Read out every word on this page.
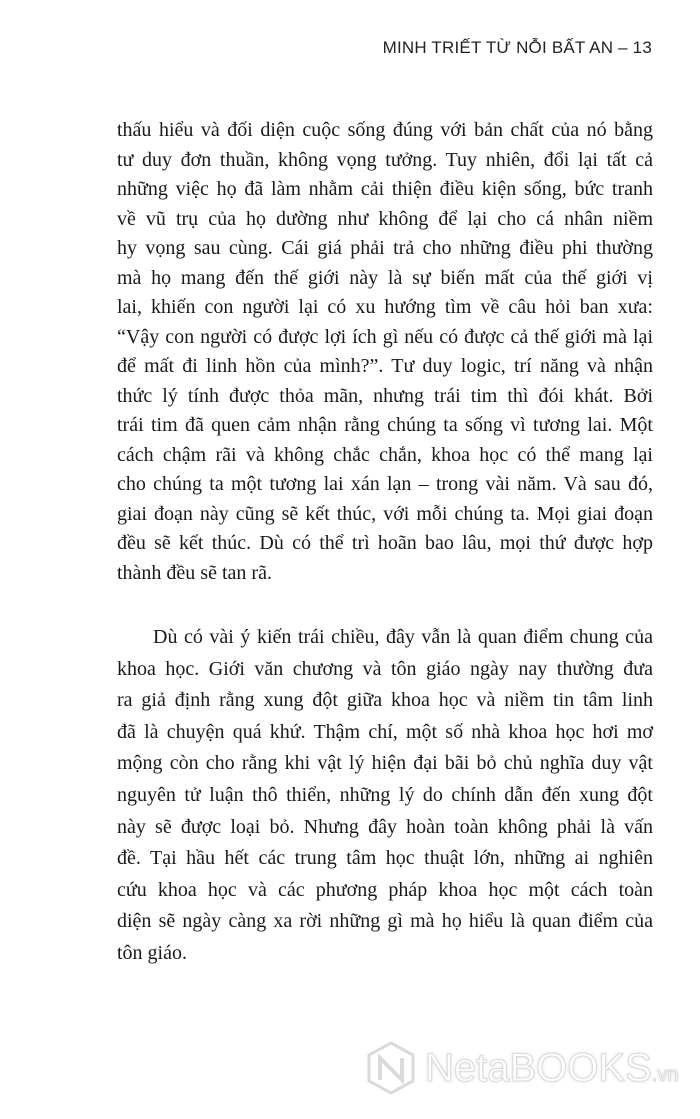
MINH TRIẾT TỪ NỖI BẤT AN – 13
thấu hiểu và đối diện cuộc sống đúng với bản chất của nó bằng
tư duy đơn thuần, không vọng tưởng. Tuy nhiên, đổi lại tất cả
những việc họ đã làm nhằm cải thiện điều kiện sống, bức tranh
về vũ trụ của họ dường như không để lại cho cá nhân niềm
hy vọng sau cùng. Cái giá phải trả cho những điều phi thường
mà họ mang đến thế giới này là sự biến mất của thế giới vị
lai, khiến con người lại có xu hướng tìm về câu hỏi ban xưa:
“Vậy con người có được lợi ích gì nếu có được cả thế giới mà lại
để mất đi linh hồn của mình?”. Tư duy logic, trí năng và nhận
thức lý tính được thỏa mãn, nhưng trái tim thì đói khát. Bởi
trái tim đã quen cảm nhận rằng chúng ta sống vì tương lai. Một
cách chậm rãi và không chắc chắn, khoa học có thể mang lại
cho chúng ta một tương lai xán lạn – trong vài năm. Và sau đó,
giai đoạn này cũng sẽ kết thúc, với mỗi chúng ta. Mọi giai đoạn
đều sẽ kết thúc. Dù có thể trì hoãn bao lâu, mọi thứ được hợp
thành đều sẽ tan rã.
Dù có vài ý kiến trái chiều, đây vẫn là quan điểm chung của
khoa học. Giới văn chương và tôn giáo ngày nay thường đưa
ra giả định rằng xung đột giữa khoa học và niềm tin tâm linh
đã là chuyện quá khứ. Thậm chí, một số nhà khoa học hơi mơ
mộng còn cho rằng khi vật lý hiện đại bãi bỏ chủ nghĩa duy vật
nguyên tử luận thô thiển, những lý do chính dẫn đến xung đột
này sẽ được loại bỏ. Nhưng đây hoàn toàn không phải là vấn
đề. Tại hầu hết các trung tâm học thuật lớn, những ai nghiên
cứu khoa học và các phương pháp khoa học một cách toàn
diện sẽ ngày càng xa rời những gì mà họ hiểu là quan điểm của
tôn giáo.
NetaBOOKS.vn
